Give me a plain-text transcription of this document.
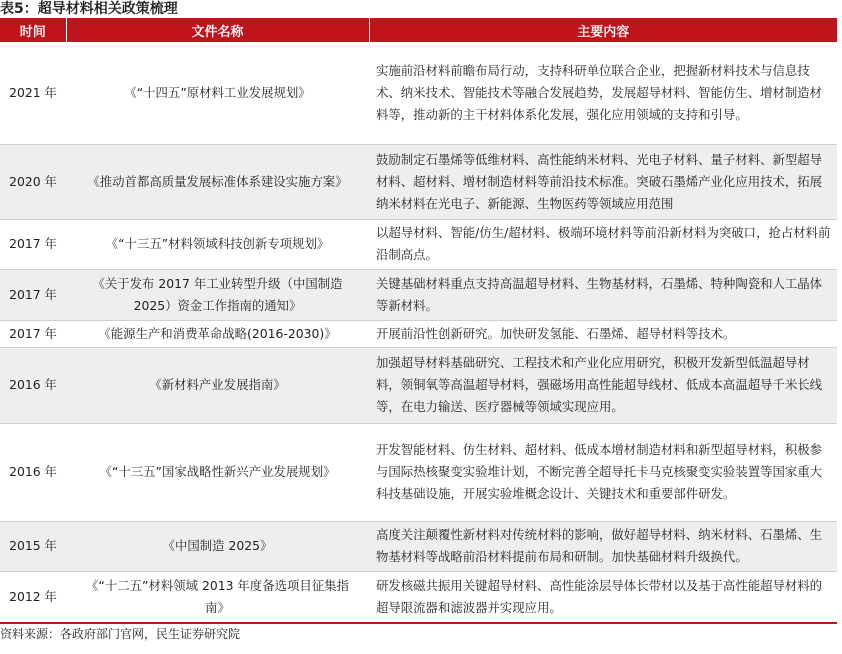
表5：超导材料相关政策梳理
时间	文件名称	主要内容
2021 年	《“十四五”原材料工业发展规划》	实施前沿材料前瞻布局行动，支持科研单位联合企业，把握新材料技术与信息技术、纳米技术、智能技术等融合发展趋势，发展超导材料、智能仿生、增材制造材料等，推动新的主干材料体系化发展，强化应用领域的支持和引导。
2020 年	《推动首都高质量发展标准体系建设实施方案》	鼓励制定石墨烯等低维材料、高性能纳米材料、光电子材料、量子材料、新型超导材料、超材料、增材制造材料等前沿技术标准。突破石墨烯产业化应用技术，拓展纳米材料在光电子、新能源、生物医药等领域应用范围
2017 年	《“十三五”材料领域科技创新专项规划》	以超导材料、智能/仿生/超材料、极端环境材料等前沿新材料为突破口，抢占材料前沿制高点。
2017 年	《关于发布 2017 年工业转型升级（中国制造 2025）资金工作指南的通知》	关键基础材料重点支持高温超导材料、生物基材料，石墨烯、特种陶瓷和人工晶体等新材料。
2017 年	《能源生产和消费革命战略(2016-2030)》	开展前沿性创新研究。加快研发氢能、石墨烯、超导材料等技术。
2016 年	《新材料产业发展指南》	加强超导材料基础研究、工程技术和产业化应用研究，积极开发新型低温超导材料，领铜氧等高温超导材料，强磁场用高性能超导线材、低成本高温超导千米长线等，在电力输送、医疗器械等领域实现应用。
2016 年	《“十三五”国家战略性新兴产业发展规划》	开发智能材料、仿生材料、超材料、低成本增材制造材料和新型超导材料，积极参与国际热核聚变实验堆计划，不断完善全超导托卡马克核聚变实验装置等国家重大科技基础设施，开展实验堆概念设计、关键技术和重要部件研发。
2015 年	《中国制造 2025》	高度关注颠覆性新材料对传统材料的影响，做好超导材料、纳米材料、石墨烯、生物基材料等战略前沿材料提前布局和研制。加快基础材料升级换代。
2012 年	《“十二五”材料领域 2013 年度备选项目征集指南》	研发核磁共振用关键超导材料、高性能涂层导体长带材以及基于高性能超导材料的超导限流器和滤波器并实现应用。
资料来源：各政府部门官网，民生证券研究院
